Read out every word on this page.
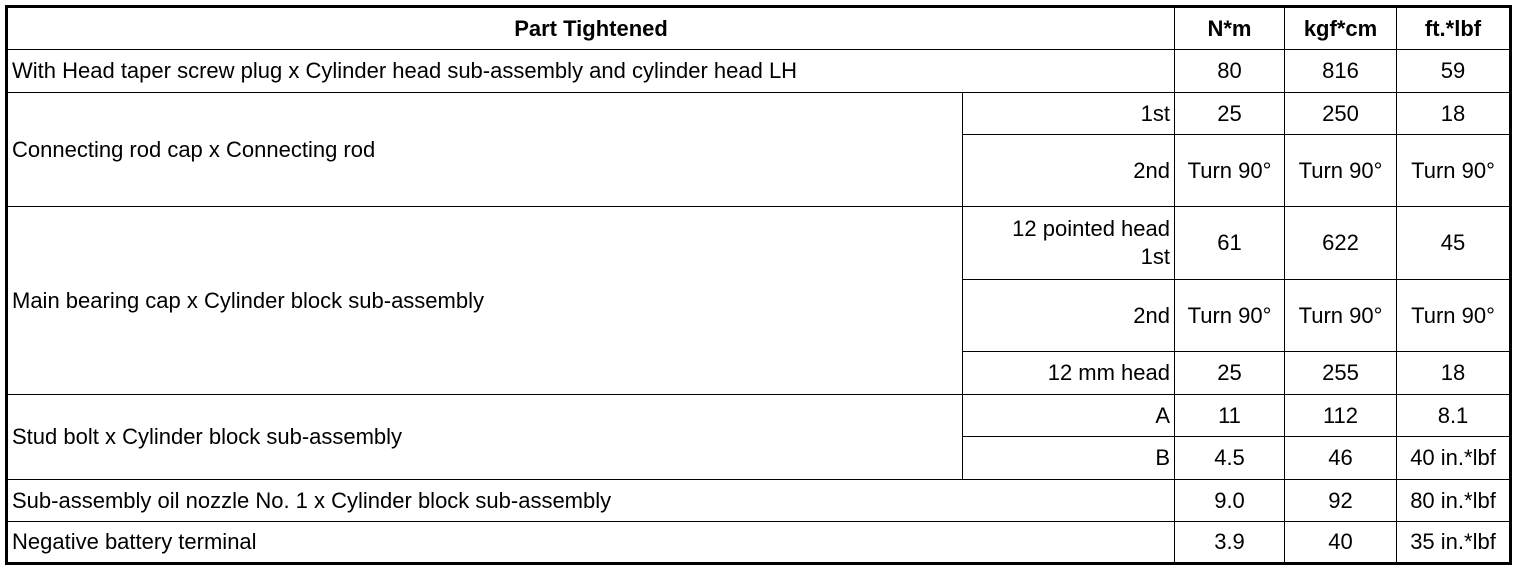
Part Tightened		N*m	kgf*cm	ft.*lbf
With Head taper screw plug x Cylinder head sub-assembly and cylinder head LH		80	816	59
Connecting rod cap x Connecting rod	1st	25	250	18
	2nd	Turn 90°	Turn 90°	Turn 90°
Main bearing cap x Cylinder block sub-assembly	12 pointed head 1st	61	622	45
	2nd	Turn 90°	Turn 90°	Turn 90°
	12 mm head	25	255	18
Stud bolt x Cylinder block sub-assembly	A	11	112	8.1
	B	4.5	46	40 in.*lbf
Sub-assembly oil nozzle No. 1 x Cylinder block sub-assembly		9.0	92	80 in.*lbf
Negative battery terminal		3.9	40	35 in.*lbf
